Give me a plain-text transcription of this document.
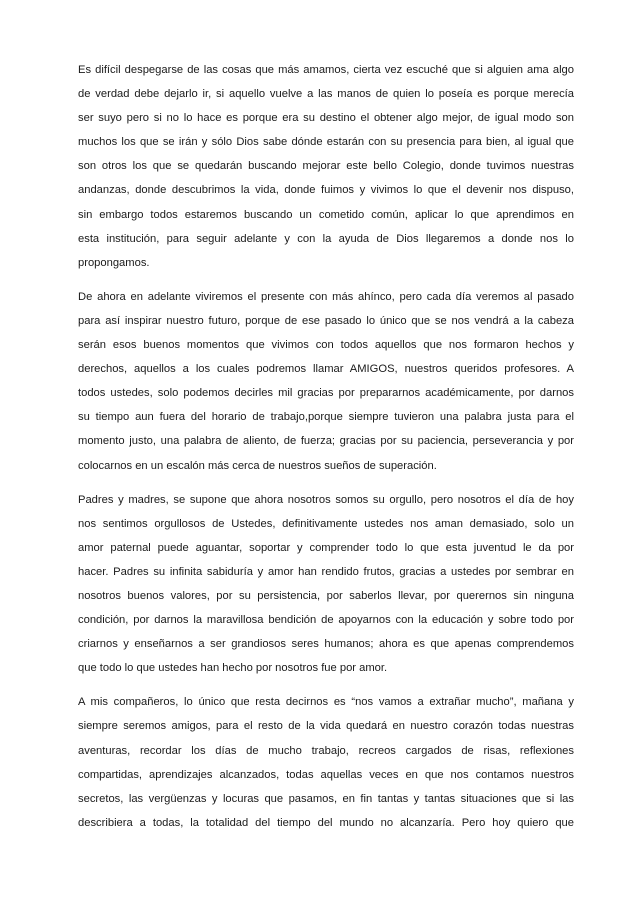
Es difícil despegarse de las cosas que más amamos, cierta vez escuché que si alguien ama algo
de verdad debe dejarlo ir, si aquello vuelve a las manos de quien lo poseía es porque merecía
ser suyo pero si no lo hace es porque era su destino el obtener algo mejor, de igual modo son
muchos los que se irán y sólo Dios sabe dónde estarán con su presencia para bien, al igual que
son otros los que se quedarán buscando mejorar este bello Colegio, donde tuvimos nuestras
andanzas, donde descubrimos la vida, donde fuimos y vivimos lo que el devenir nos dispuso,
sin embargo todos estaremos buscando un cometido común, aplicar lo que aprendimos en
esta institución, para seguir adelante y con la ayuda de Dios llegaremos a donde nos lo
propongamos.
De ahora en adelante viviremos el presente con más ahínco, pero cada día veremos al pasado
para así inspirar nuestro futuro, porque de ese pasado lo único que se nos vendrá a la cabeza
serán esos buenos momentos que vivimos con todos aquellos que nos formaron hechos y
derechos, aquellos a los cuales podremos llamar AMIGOS, nuestros queridos profesores. A
todos ustedes, solo podemos decirles mil gracias por prepararnos académicamente, por darnos
su tiempo aun fuera del horario de trabajo,porque siempre tuvieron una palabra justa para el
momento justo, una palabra de aliento, de fuerza; gracias por su paciencia, perseverancia y por
colocarnos en un escalón más cerca de nuestros sueños de superación.
Padres y madres, se supone que ahora nosotros somos su orgullo, pero nosotros el día de hoy
nos sentimos orgullosos de Ustedes, definitivamente ustedes nos aman demasiado, solo un
amor paternal puede aguantar, soportar y comprender todo lo que esta juventud le da por
hacer. Padres su infinita sabiduría y amor han rendido frutos, gracias a ustedes por sembrar en
nosotros buenos valores, por su persistencia, por saberlos llevar, por querernos sin ninguna
condición, por darnos la maravillosa bendición de apoyarnos con la educación y sobre todo por
criarnos y enseñarnos a ser grandiosos seres humanos; ahora es que apenas comprendemos
que todo lo que ustedes han hecho por nosotros fue por amor.
A mis compañeros, lo único que resta decirnos es “nos vamos a extrañar mucho”, mañana y
siempre seremos amigos, para el resto de la vida quedará en nuestro corazón todas nuestras
aventuras, recordar los días de mucho trabajo, recreos cargados de risas, reflexiones
compartidas, aprendizajes alcanzados, todas aquellas veces en que nos contamos nuestros
secretos, las vergüenzas y locuras que pasamos, en fin tantas y tantas situaciones que si las
describiera a todas, la totalidad del tiempo del mundo no alcanzaría. Pero hoy quiero que
